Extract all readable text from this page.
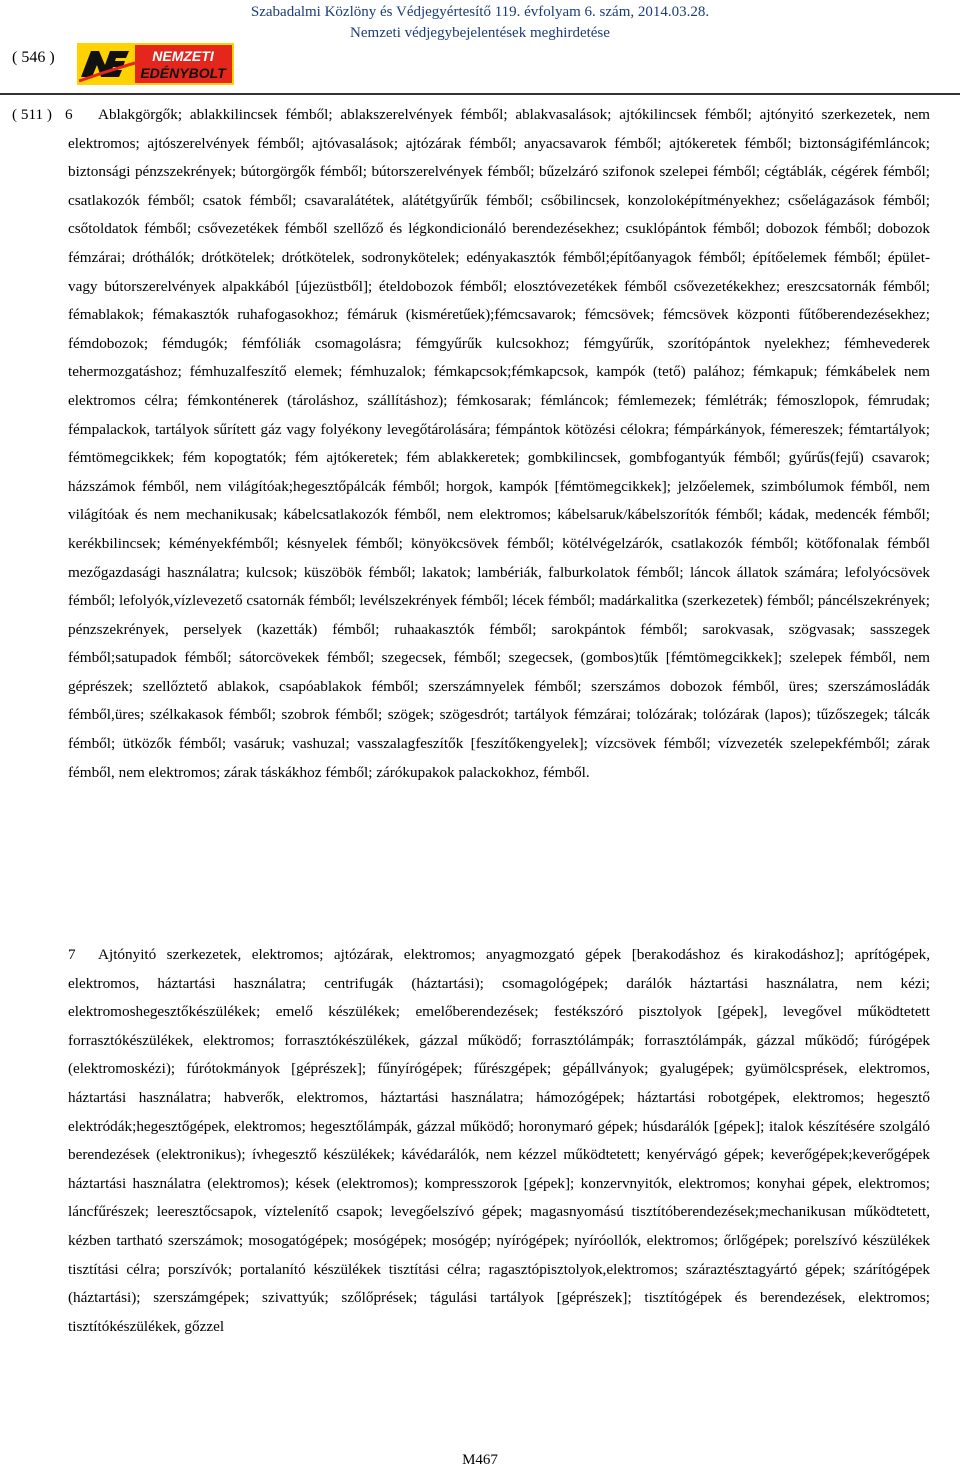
Szabadalmi Közlöny és Védjegyértesítő 119. évfolyam 6. szám, 2014.03.28.
Nemzeti védjegybejelentések meghirdetése
( 546 )	NEMZETI
EDÉNYBOLT
( 511 ) 6	Ablakgörgők; ablakkilincsek fémből; ablakszerelvények fémből; ablakvasalások; ajtókilincsek fémből; ajtónyitó szerkezetek, nem elektromos; ajtószerelvények fémből; ajtóvasalások; ajtózárak fémből; anyacsavarok fémből; ajtókeretek fémből; biztonságifémláncok; biztonsági pénzszekrények; bútorgörgők fémből; bútorszerelvények fémből; bűzelzáró szifonok szelepei fémből; cégtáblák, cégérek fémből; csatlakozók fémből; csatok fémből; csavaralátétek, alátétgyűrűk fémből; csőbilincsek, konzoloképítményekhez; csőelágazások fémből; csőtoldatok fémből; csővezetékek fémből szellőző és légkondicionáló berendezésekhez; csuklópántok fémből; dobozok fémből; dobozok fémzárai; dróthálók; drótkötelek; drótkötelek, sodronykötelek; edényakasztók fémből;építőanyagok fémből; építőelemek fémből; épület- vagy bútorszerelvények alpakkából [újezüstből]; ételdobozok fémből; elosztóvezetékek fémből csővezetékekhez; ereszcsatornák fémből; fémablakok; fémakasztók ruhafogasokhoz; fémáruk (kisméretűek);fémcsavarok; fémcsövek; fémcsövek központi fűtőberendezésekhez; fémdobozok; fémdugók; fémfóliák csomagolásra; fémgyűrűk kulcsokhoz; fémgyűrűk, szorítópántok nyelekhez; fémhevederek tehermozgatáshoz; fémhuzalfeszítő elemek; fémhuzalok; fémkapcsok;fémkapcsok, kampók (tető) palához; fémkapuk; fémkábelek nem elektromos célra; fémkonténerek (tároláshoz, szállításhoz); fémkosarak; fémláncok; fémlemezek; fémlétrák; fémoszlopok, fémrudak; fémpalackok, tartályok sűrített gáz vagy folyékony levegőtárolására; fémpántok kötözési célokra; fémpárkányok, fémereszek; fémtartályok; fémtömegcikkek; fém kopogtatók; fém ajtókeretek; fém ablakkeretek; gombkilincsek, gombfogantyúk fémből; gyűrűs(fejű) csavarok; házszámok fémből, nem világítóak;hegesztőpálcák fémből; horgok, kampók [fémtömegcikkek]; jelzőelemek, szimbólumok fémből, nem világítóak és nem mechanikusak; kábelcsatlakozók fémből, nem elektromos; kábelsaruk/kábelszorítók fémből; kádak, medencék fémből; kerékbilincsek; kéményekfémből; késnyelek fémből; könyökcsövek fémből; kötélvégelzárók, csatlakozók fémből; kötőfonalak fémből mezőgazdasági használatra; kulcsok; küszöbök fémből; lakatok; lambériák, falburkolatok fémből; láncok állatok számára; lefolyócsövek fémből; lefolyók,vízlevezető csatornák fémből; levélszekrények fémből; lécek fémből; madárkalitka (szerkezetek) fémből; páncélszekrények; pénzszekrények, perselyek (kazetták) fémből; ruhaakasztók fémből; sarokpántok fémből; sarokvasak, szögvasak; sasszegek fémből;satupadok fémből; sátorcövekek fémből; szegecsek, fémből; szegecsek, (gombos)tűk [fémtömegcikkek]; szelepek fémből, nem géprészek; szellőztető ablakok, csapóablakok fémből; szerszámnyelek fémből; szerszámos dobozok fémből, üres; szerszámosládák fémből,üres; szélkakasok fémből; szobrok fémből; szögek; szögesdrót; tartályok fémzárai; tolózárak; tolózárak (lapos); tűzőszegek; tálcák fémből; ütközők fémből; vasáruk; vashuzal; vasszalagfeszítők [feszítőkengyelek]; vízcsövek fémből; vízvezeték szelepekfémből; zárak fémből, nem elektromos; zárak táskákhoz fémből; zárókupakok palackokhoz, fémből.
7	Ajtónyitó szerkezetek, elektromos; ajtózárak, elektromos; anyagmozgató gépek [berakodáshoz és kirakodáshoz]; aprítógépek, elektromos, háztartási használatra; centrifugák (háztartási); csomagológépek; darálók háztartási használatra, nem kézi; elektromoshegesztőkészülékek; emelő készülékek; emelőberendezések; festékszóró pisztolyok [gépek], levegővel működtetett forrasztókészülékek, elektromos; forrasztókészülékek, gázzal működő; forrasztólámpák; forrasztólámpák, gázzal működő; fúrógépek (elektromoskézi); fúrótokmányok [géprészek]; fűnyírógépek; fűrészgépek; gépállványok; gyalugépek; gyümölcsprések, elektromos, háztartási használatra; habverők, elektromos, háztartási használatra; hámozógépek; háztartási robotgépek, elektromos; hegesztő elektródák;hegesztőgépek, elektromos; hegesztőlámpák, gázzal működő; horonymaró gépek; húsdarálók [gépek]; italok készítésére szolgáló berendezések (elektronikus); ívhegesztő készülékek; kávédarálók, nem kézzel működtetett; kenyérvágó gépek; keverőgépek;keverőgépek háztartási használatra (elektromos); kések (elektromos); kompresszorok [gépek]; konzervnyitók, elektromos; konyhai gépek, elektromos; láncfűrészek; leeresztőcsapok, víztelenítő csapok; levegőelszívó gépek; magasnyomású tisztítóberendezések;mechanikusan működtetett, kézben tartható szerszámok; mosogatógépek; mosógépek; mosógép; nyírógépek; nyíróollók, elektromos; őrlőgépek; porelszívó készülékek tisztítási célra; porszívók; portalanító készülékek tisztítási célra; ragasztópisztolyok,elektromos; száraztésztagyártó gépek; szárítógépek (háztartási); szerszámgépek; szivattyúk; szőlőprések; tágulási tartályok [géprészek]; tisztítógépek és berendezések, elektromos; tisztítókészülékek, gőzzel
M467
